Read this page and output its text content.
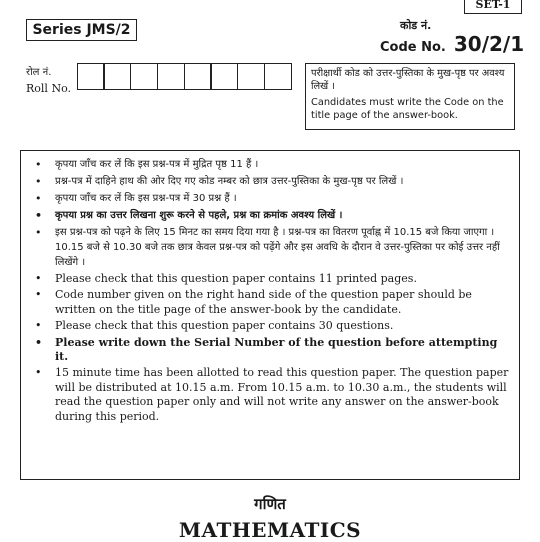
SET-1
Series JMS/2	कोड नं.
Code No. 30/2/1
रोल नं.
Roll No.

परीक्षार्थी कोड को उत्तर-पुस्तिका के मुख-पृष्ठ पर अवश्य लिखें ।

Candidates must write the Code on the title page of the answer-book.

• कृपया जाँच कर लें कि इस प्रश्न-पत्र में मुद्रित पृष्ठ 11 हैं ।
• प्रश्न-पत्र में दाहिने हाथ की ओर दिए गए कोड नम्बर को छात्र उत्तर-पुस्तिका के मुख-पृष्ठ पर लिखें ।
• कृपया जाँच कर लें कि इस प्रश्न-पत्र में 30 प्रश्न हैं ।
• कृपया प्रश्न का उत्तर लिखना शुरू करने से पहले, प्रश्न का क्रमांक अवश्य लिखें ।
• इस प्रश्न-पत्र को पढ़ने के लिए 15 मिनट का समय दिया गया है । प्रश्न-पत्र का वितरण पूर्वाह्न में 10.15 बजे किया जाएगा । 10.15 बजे से 10.30 बजे तक छात्र केवल प्रश्न-पत्र को पढ़ेंगे और इस अवधि के दौरान वे उत्तर-पुस्तिका पर कोई उत्तर नहीं लिखेंगे ।
• Please check that this question paper contains 11 printed pages.
• Code number given on the right hand side of the question paper should be written on the title page of the answer-book by the candidate.
• Please check that this question paper contains 30 questions.
• Please write down the Serial Number of the question before attempting it.
• 15 minute time has been allotted to read this question paper. The question paper will be distributed at 10.15 a.m. From 10.15 a.m. to 10.30 a.m., the students will read the question paper only and will not write any answer on the answer-book during this period.
गणित
MATHEMATICS
